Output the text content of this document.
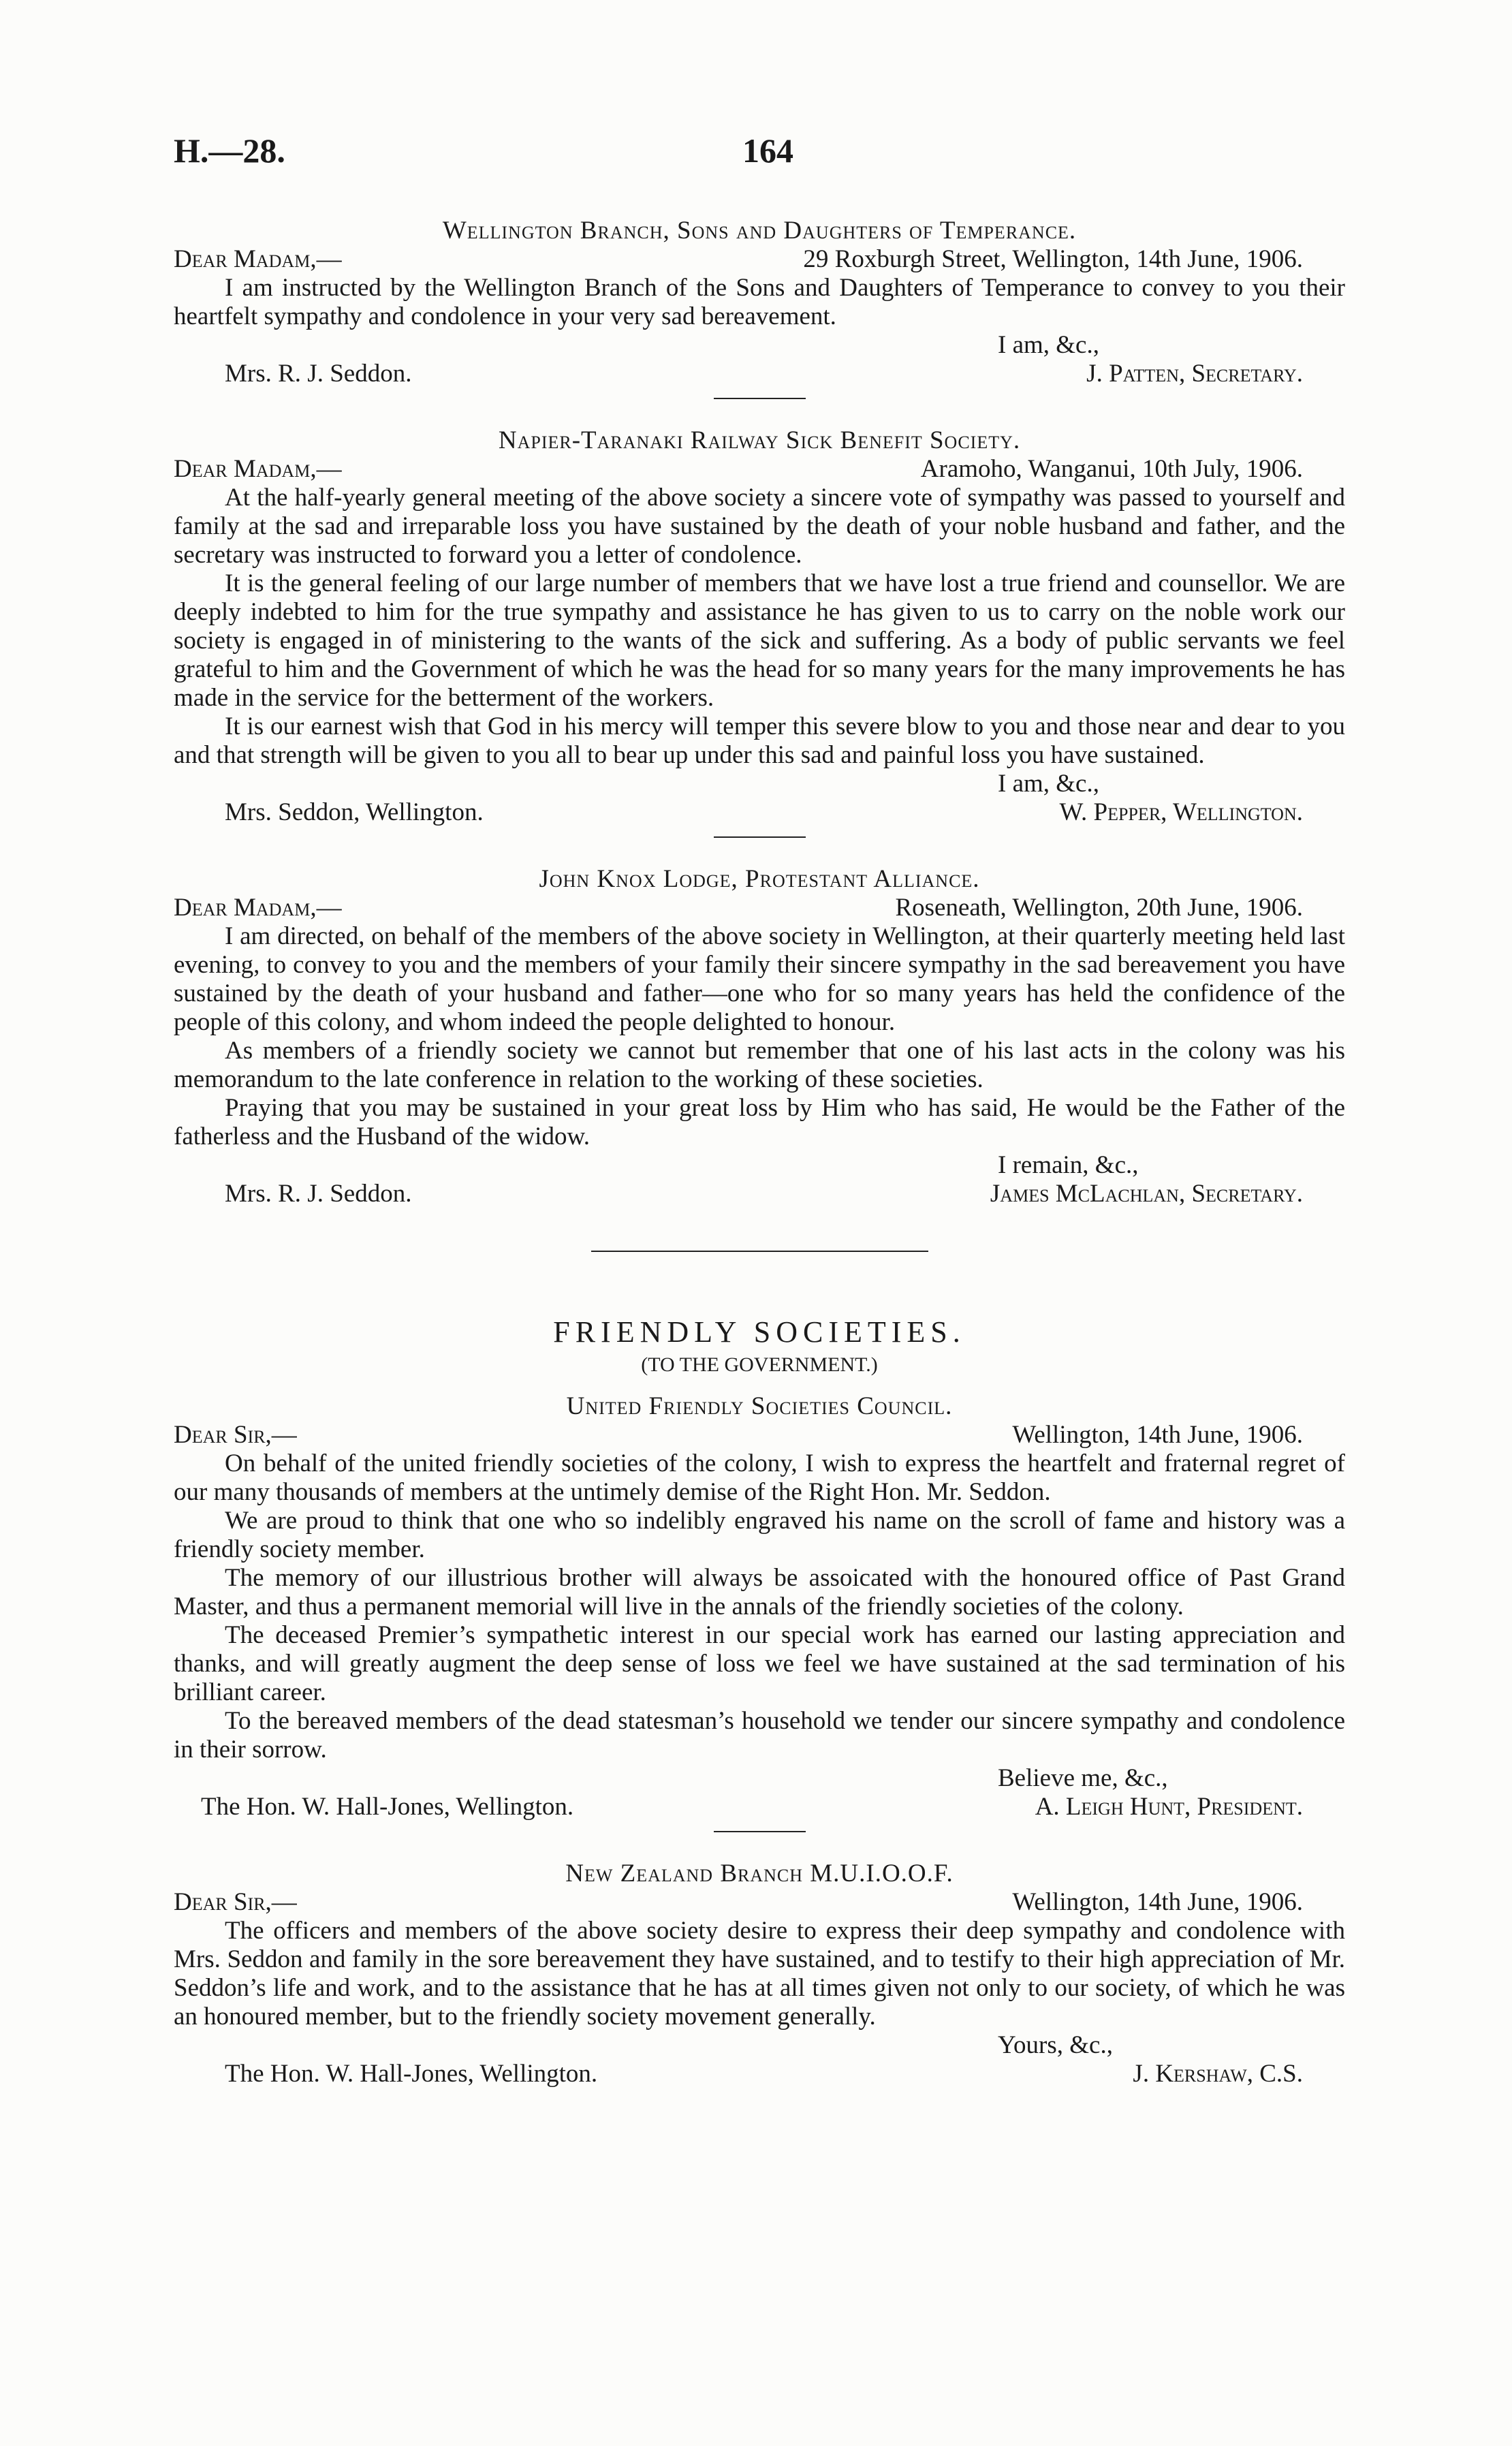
H.—28.	164
Wellington Branch, Sons and Daughters of Temperance.
Dear Madam,—	29 Roxburgh Street, Wellington, 14th June, 1906.
I am instructed by the Wellington Branch of the Sons and Daughters of Temperance to convey to you their heartfelt sympathy and condolence in your very sad bereavement.
I am, &c.,
Mrs. R. J. Seddon.	J. Patten, Secretary.
Napier-Taranaki Railway Sick Benefit Society.
Dear Madam,—	Aramoho, Wanganui, 10th July, 1906.
At the half-yearly general meeting of the above society a sincere vote of sympathy was passed to yourself and family at the sad and irreparable loss you have sustained by the death of your noble husband and father, and the secretary was instructed to forward you a letter of condolence.
It is the general feeling of our large number of members that we have lost a true friend and counsellor. We are deeply indebted to him for the true sympathy and assistance he has given to us to carry on the noble work our society is engaged in of ministering to the wants of the sick and suffering. As a body of public servants we feel grateful to him and the Government of which he was the head for so many years for the many improvements he has made in the service for the betterment of the workers.
It is our earnest wish that God in his mercy will temper this severe blow to you and those near and dear to you and that strength will be given to you all to bear up under this sad and painful loss you have sustained.
I am, &c.,
Mrs. Seddon, Wellington.	W. Pepper, Wellington.
John Knox Lodge, Protestant Alliance.
Dear Madam,—	Roseneath, Wellington, 20th June, 1906.
I am directed, on behalf of the members of the above society in Wellington, at their quarterly meeting held last evening, to convey to you and the members of your family their sincere sympathy in the sad bereavement you have sustained by the death of your husband and father—one who for so many years has held the confidence of the people of this colony, and whom indeed the people delighted to honour.
As members of a friendly society we cannot but remember that one of his last acts in the colony was his memorandum to the late conference in relation to the working of these societies.
Praying that you may be sustained in your great loss by Him who has said, He would be the Father of the fatherless and the Husband of the widow.
I remain, &c.,
Mrs. R. J. Seddon.	James McLachlan, Secretary.
FRIENDLY SOCIETIES.
(TO THE GOVERNMENT.)
United Friendly Societies Council.
Dear Sir,—	Wellington, 14th June, 1906.
On behalf of the united friendly societies of the colony, I wish to express the heartfelt and fraternal regret of our many thousands of members at the untimely demise of the Right Hon. Mr. Seddon.
We are proud to think that one who so indelibly engraved his name on the scroll of fame and history was a friendly society member.
The memory of our illustrious brother will always be assoicated with the honoured office of Past Grand Master, and thus a permanent memorial will live in the annals of the friendly societies of the colony.
The deceased Premier’s sympathetic interest in our special work has earned our lasting appreciation and thanks, and will greatly augment the deep sense of loss we feel we have sustained at the sad termination of his brilliant career.
To the bereaved members of the dead statesman’s household we tender our sincere sympathy and condolence in their sorrow.
Believe me, &c.,
The Hon. W. Hall-Jones, Wellington.	A. Leigh Hunt, President.
New Zealand Branch M.U.I.O.O.F.
Dear Sir,—	Wellington, 14th June, 1906.
The officers and members of the above society desire to express their deep sympathy and condolence with Mrs. Seddon and family in the sore bereavement they have sustained, and to testify to their high appreciation of Mr. Seddon’s life and work, and to the assistance that he has at all times given not only to our society, of which he was an honoured member, but to the friendly society movement generally.
Yours, &c.,
The Hon. W. Hall-Jones, Wellington.	J. Kershaw, C.S.
